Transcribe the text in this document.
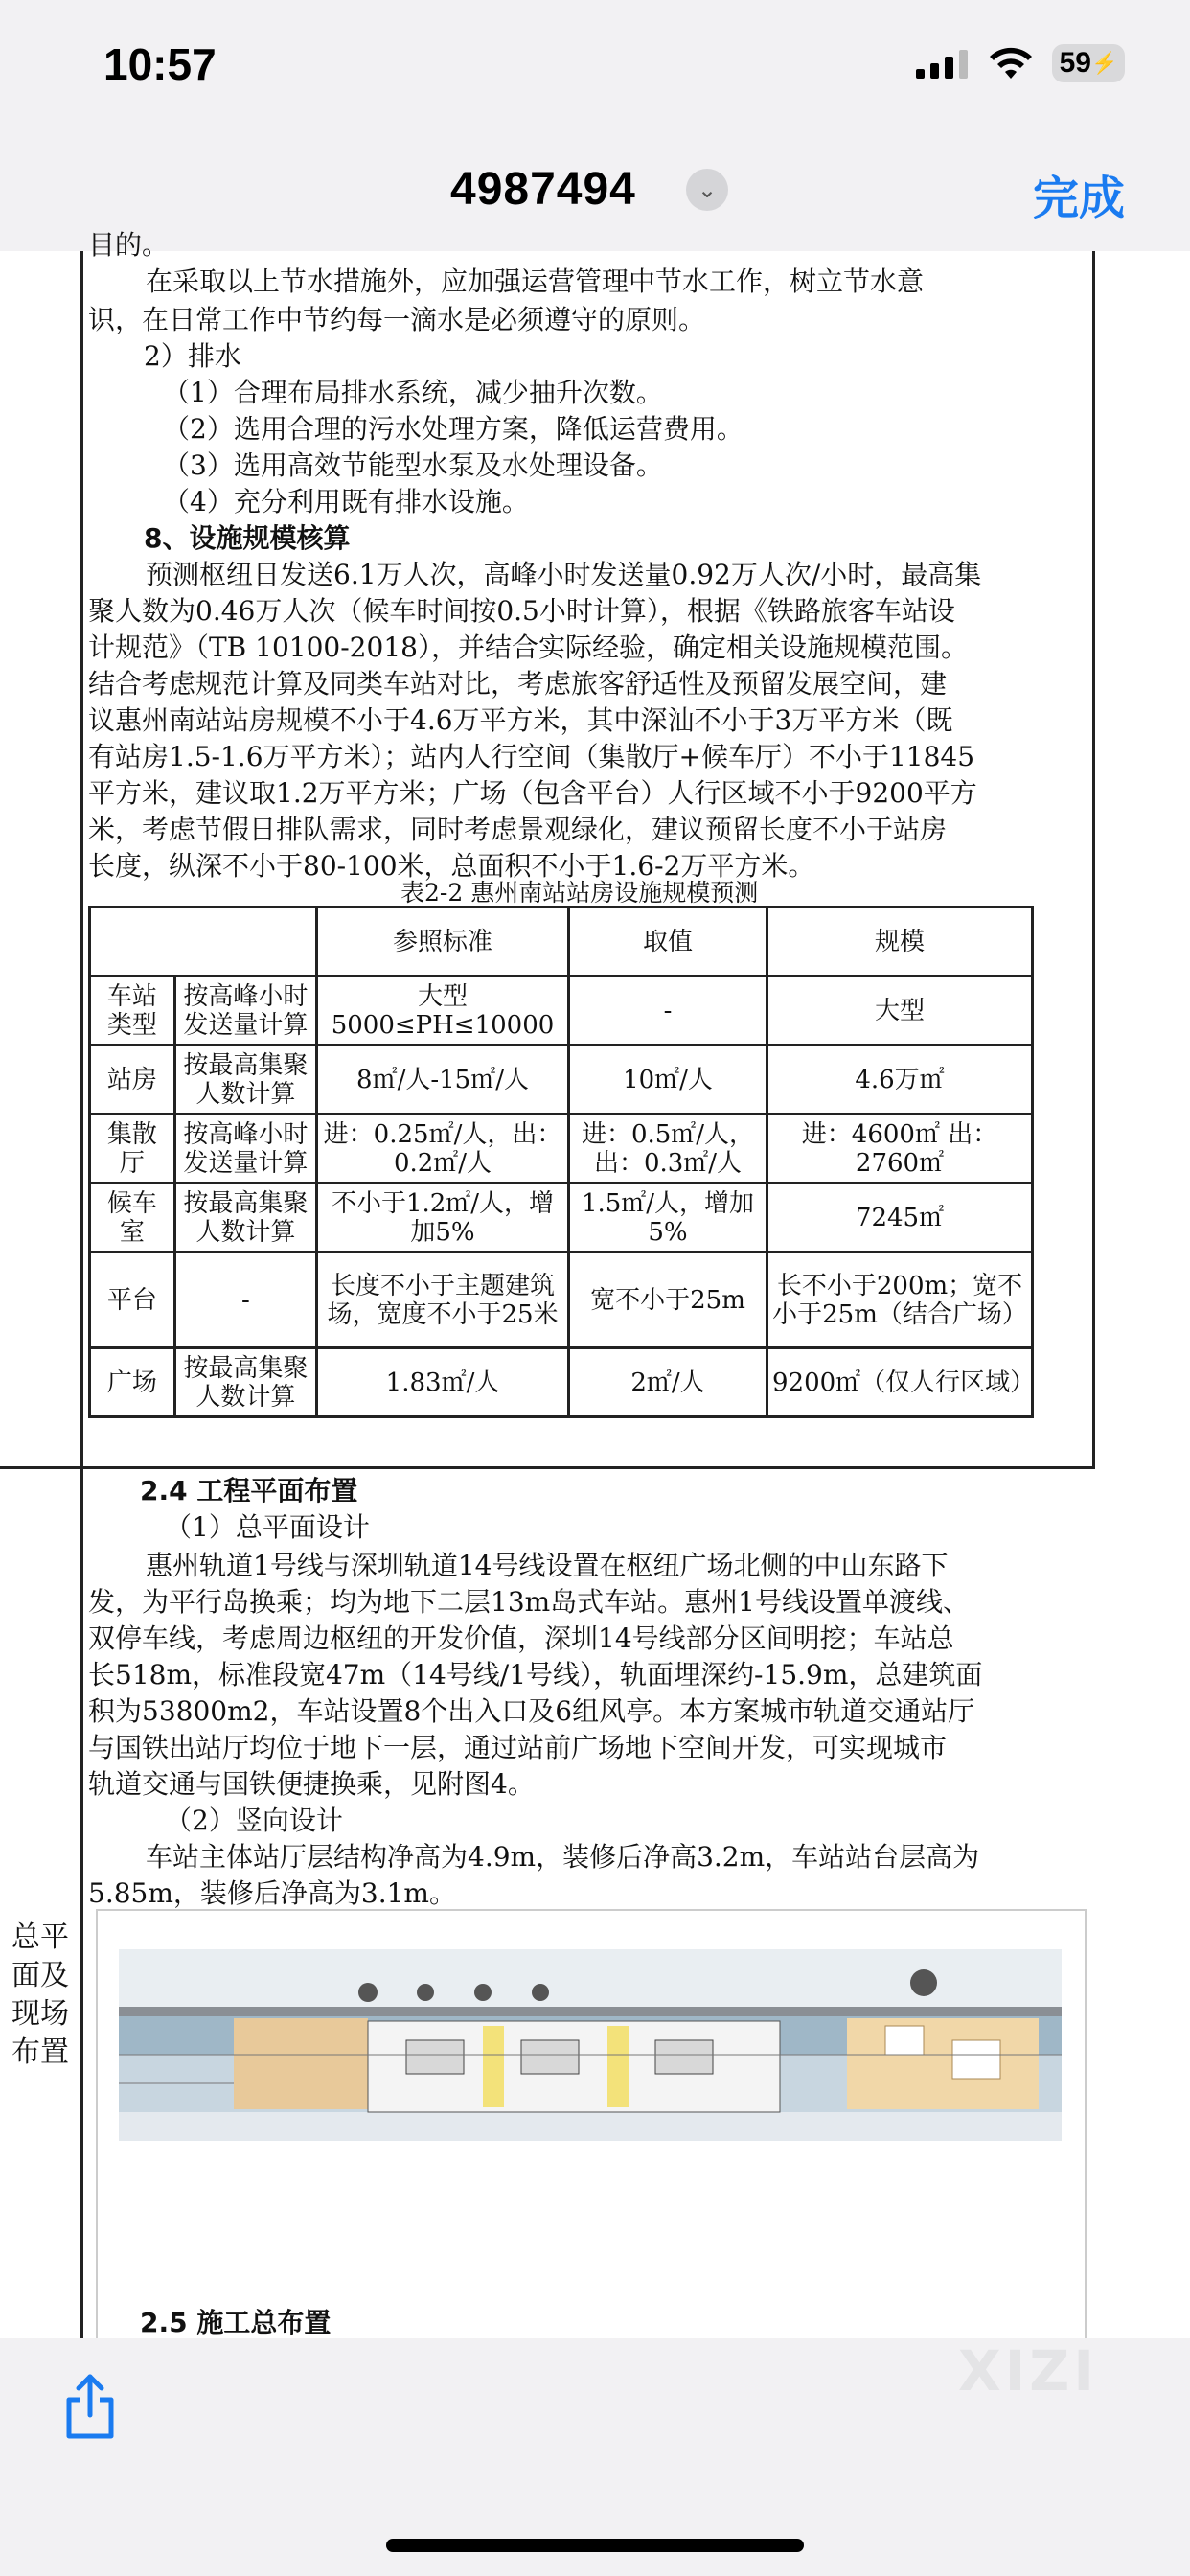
10:57	59 ⚡
4987494	⌄	完成
目的。
在采取以上节水措施外，应加强运营管理中节水工作，树立节水意
识，在日常工作中节约每一滴水是必须遵守的原则。
2）排水
（1）合理布局排水系统，减少抽升次数。
（2）选用合理的污水处理方案，降低运营费用。
（3）选用高效节能型水泵及水处理设备。
（4）充分利用既有排水设施。
8、设施规模核算
预测枢纽日发送6.1万人次，高峰小时发送量0.92万人次/小时，最高集
聚人数为0.46万人次（候车时间按0.5小时计算），根据《铁路旅客车站设
计规范》（TB 10100-2018），并结合实际经验，确定相关设施规模范围。
结合考虑规范计算及同类车站对比，考虑旅客舒适性及预留发展空间，建
议惠州南站站房规模不小于4.6万平方米，其中深汕不小于3万平方米（既
有站房1.5-1.6万平方米）；站内人行空间（集散厅+候车厅）不小于11845
平方米，建议取1.2万平方米；广场（包含平台）人行区域不小于9200平方
米，考虑节假日排队需求，同时考虑景观绿化，建议预留长度不小于站房
长度，纵深不小于80-100米，总面积不小于1.6-2万平方米。
表2-2 惠州南站站房设施规模预测
		参照标准	取值	规模
车站类型	按高峰小时发送量计算	大型5000≤PH≤10000	-	大型
站房	按最高集聚人数计算	8㎡/人-15㎡/人	10㎡/人	4.6万㎡
集散厅	按高峰小时发送量计算	进：0.25㎡/人，出：0.2㎡/人	进：0.5㎡/人，出：0.3㎡/人	进：4600㎡ 出：2760㎡
候车室	按最高集聚人数计算	不小于1.2㎡/人，增加5%	1.5㎡/人，增加5%	7245㎡
平台	-	长度不小于主题建筑场，宽度不小于25米	宽不小于25m	长不小于200m；宽不小于25m（结合广场）
广场	按最高集聚人数计算	1.83㎡/人	2㎡/人	9200㎡（仅人行区域）
总平面及现场布置
2.4 工程平面布置
（1）总平面设计
惠州轨道1号线与深圳轨道14号线设置在枢纽广场北侧的中山东路下
发，为平行岛换乘；均为地下二层13m岛式车站。惠州1号线设置单渡线、
双停车线，考虑周边枢纽的开发价值，深圳14号线部分区间明挖；车站总
长518m，标准段宽47m（14号线/1号线），轨面埋深约-15.9m，总建筑面
积为53800m2，车站设置8个出入口及6组风亭。本方案城市轨道交通站厅
与国铁出站厅均位于地下一层，通过站前广场地下空间开发，可实现城市
轨道交通与国铁便捷换乘，见附图4。
（2）竖向设计
车站主体站厅层结构净高为4.9m，装修后净高3.2m，车站站台层高为
5.85m，装修后净高为3.1m。
2.5 施工总布置
XIZI
